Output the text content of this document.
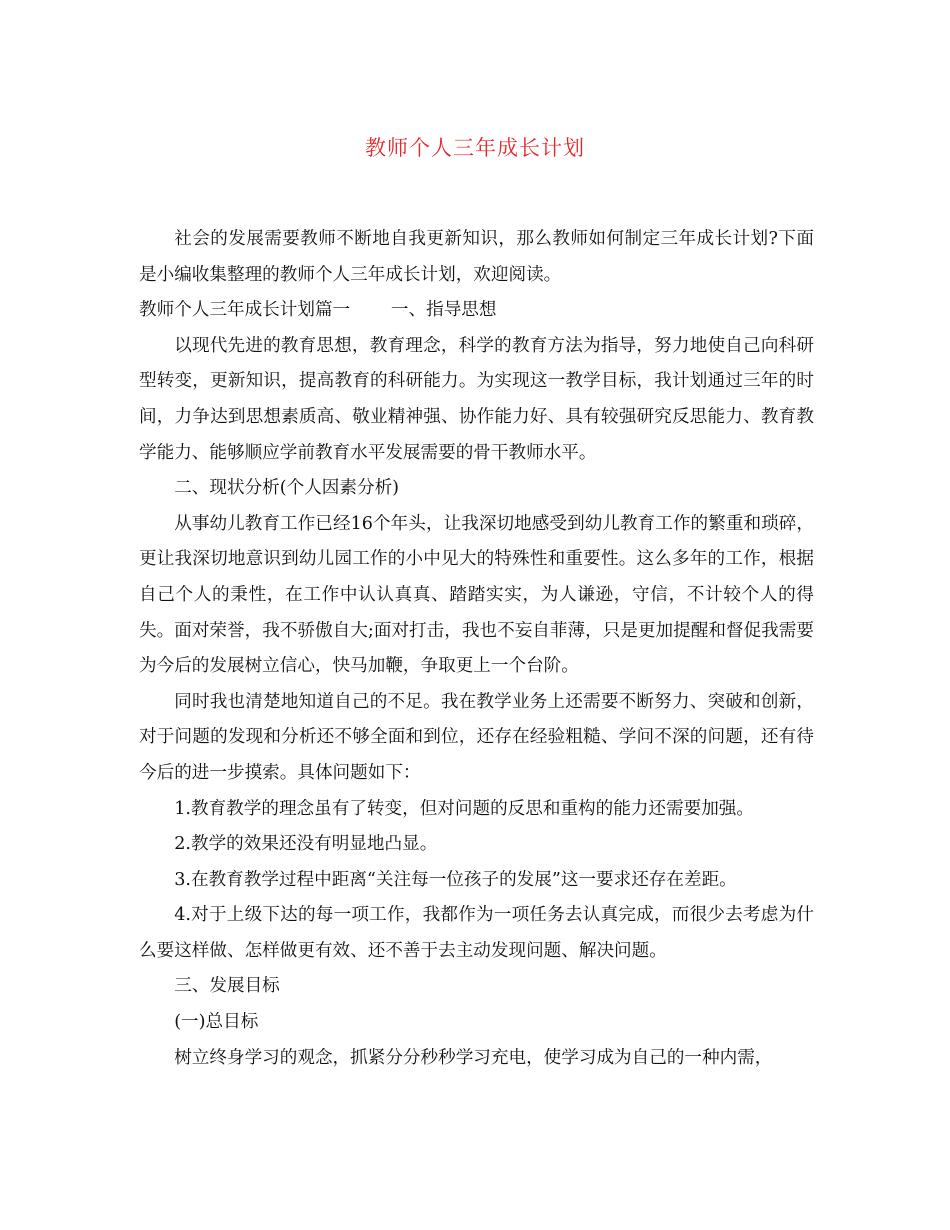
教师个人三年成长计划

社会的发展需要教师不断地自我更新知识，那么教师如何制定三年成长计划?下面是小编收集整理的教师个人三年成长计划，欢迎阅读。

教师个人三年成长计划篇一　　 一、指导思想

以现代先进的教育思想，教育理念，科学的教育方法为指导，努力地使自己向科研型转变，更新知识，提高教育的科研能力。为实现这一教学目标，我计划通过三年的时间，力争达到思想素质高、敬业精神强、协作能力好、具有较强研究反思能力、教育教学能力、能够顺应学前教育水平发展需要的骨干教师水平。

二、现状分析(个人因素分析)

从事幼儿教育工作已经16个年头，让我深切地感受到幼儿教育工作的繁重和琐碎，更让我深切地意识到幼儿园工作的小中见大的特殊性和重要性。这么多年的工作，根据自己个人的秉性，在工作中认认真真、踏踏实实，为人谦逊，守信，不计较个人的得失。面对荣誉，我不骄傲自大;面对打击，我也不妄自菲薄，只是更加提醒和督促我需要为今后的发展树立信心，快马加鞭，争取更上一个台阶。

同时我也清楚地知道自己的不足。我在教学业务上还需要不断努力、突破和创新，对于问题的发现和分析还不够全面和到位，还存在经验粗糙、学问不深的问题，还有待今后的进一步摸索。具体问题如下：

1.教育教学的理念虽有了转变，但对问题的反思和重构的能力还需要加强。

2.教学的效果还没有明显地凸显。

3.在教育教学过程中距离“关注每一位孩子的发展”这一要求还存在差距。

4.对于上级下达的每一项工作，我都作为一项任务去认真完成，而很少去考虑为什么要这样做、怎样做更有效、还不善于去主动发现问题、解决问题。

三、发展目标

(一)总目标

树立终身学习的观念，抓紧分分秒秒学习充电，使学习成为自己的一种内需，
